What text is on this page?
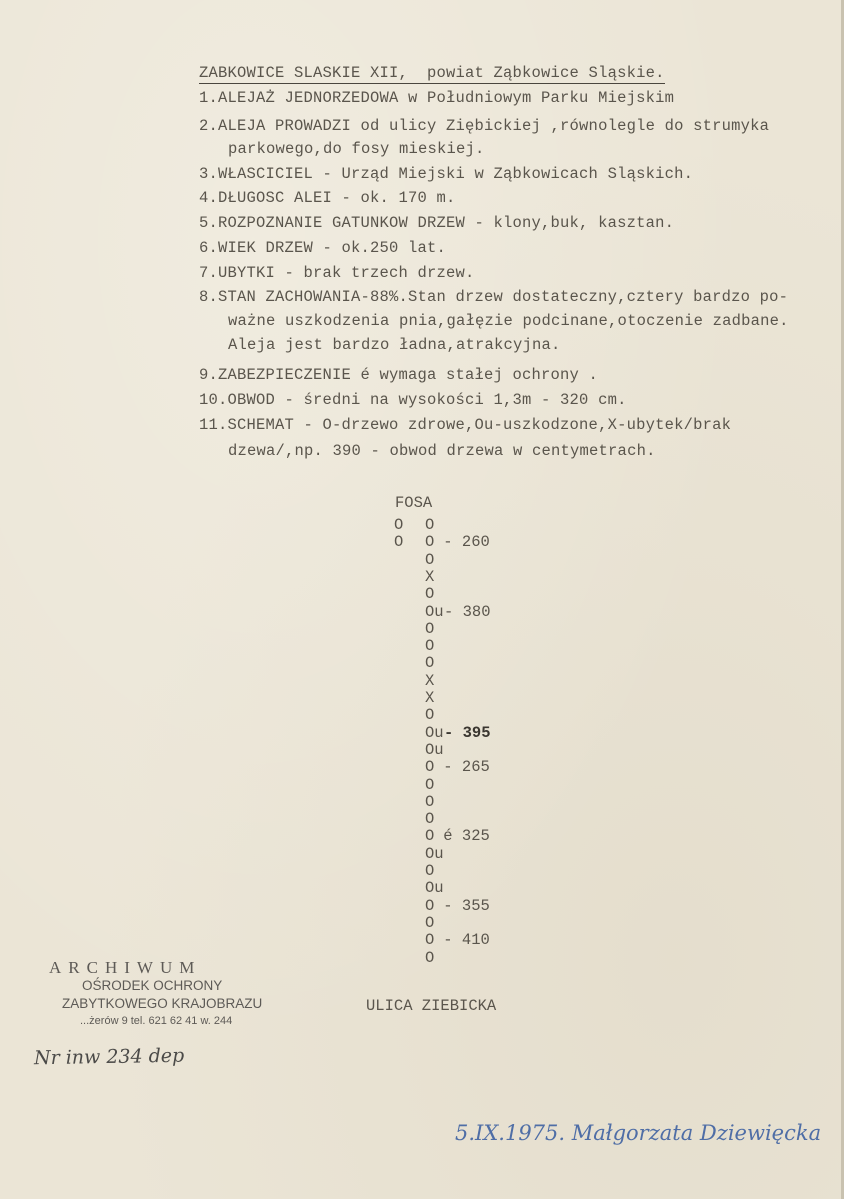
ZABKOWICE SLASKIE XII,  powiat Ząbkowice Sląskie.
1.ALEJAŻ JEDNORZEDOWA w Południowym Parku Miejskim
2.ALEJA PROWADZI od ulicy Ziębickiej ,równolegle do strumyka
parkowego,do fosy mieskiej.
3.WŁASCICIEL - Urząd Miejski w Ząbkowicach Sląskich.
4.DŁUGOSC ALEI - ok. 170 m.
5.ROZPOZNANIE GATUNKOW DRZEW - klony,buk, kasztan.
6.WIEK DRZEW - ok.250 lat.
7.UBYTKI - brak trzech drzew.
8.STAN ZACHOWANIA-88%.Stan drzew dostateczny,cztery bardzo po-
ważne uszkodzenia pnia,gałęzie podcinane,otoczenie zadbane.
Aleja jest bardzo ładna,atrakcyjna.
9.ZABEZPIECZENIE é wymaga stałej ochrony .
10.OBWOD - średni na wysokości 1,3m - 320 cm.
11.SCHEMAT - O-drzewo zdrowe,Ou-uszkodzone,X-ubytek/brak
dzewa/,np. 390 - obwod drzewa w centymetrach.
FOSA
O O
O O - 260
O
X
O
Ou - 380
O
O
O
X
X
O
Ou - 395
Ou
O - 265
O
O
O
O é 325
Ou
O
Ou
O - 355
O
O - 410
O
ULICA ZIEBICKA
ARCHIWUM
OŚRODEK OCHRONY
ZABYTKOWEGO KRAJOBRAZU
...żerów 9 tel. 621 62 41 w. 244
Nr inw 234 dep
5.IX.1975. Małgorzata Dziewięcka
